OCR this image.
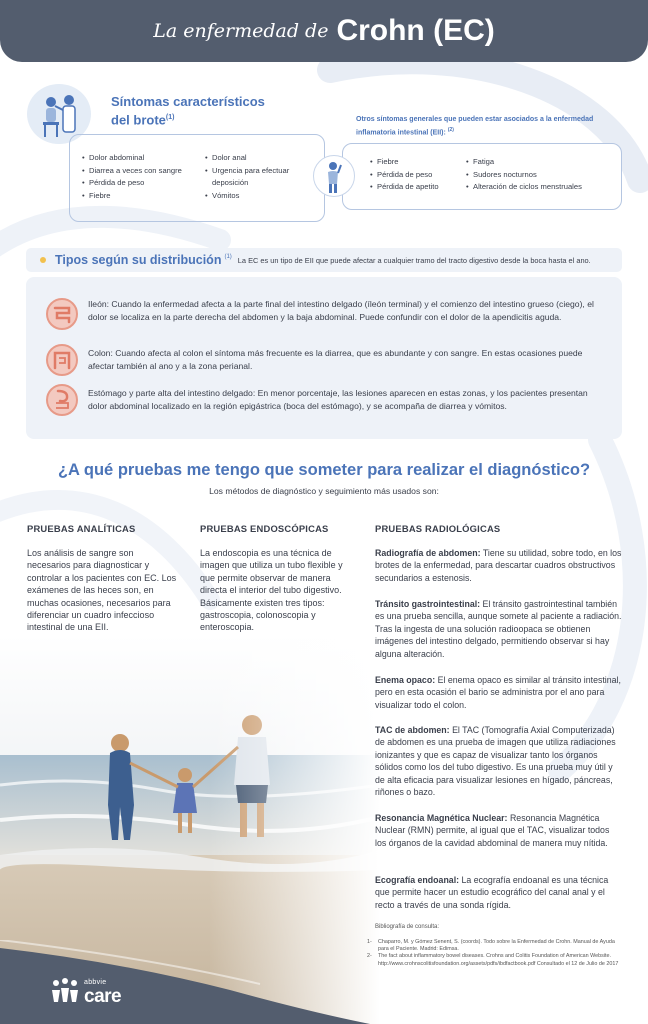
La enfermedad de Crohn (EC)
Síntomas característicos
del brote$^{(1)}$
• Dolor abdominal
• Diarrea a veces con sangre
• Pérdida de peso
• Fiebre
• Dolor anal
• Urgencia para efectuar deposición
• Vómitos
Otros síntomas generales que pueden estar asociados a la enfermedad inflamatoria intestinal (EII): $^{(2)}$
• Fiebre
• Pérdida de peso
• Pérdida de apetito
• Fatiga
• Sudores nocturnos
• Alteración de ciclos menstruales
Tipos según su distribución (1) La EC es un tipo de EII que puede afectar a cualquier tramo del tracto digestivo desde la boca hasta el ano.
Ileón: Cuando la enfermedad afecta a la parte final del intestino delgado (íleón terminal) y el comienzo del intestino grueso (ciego), el dolor se localiza en la parte derecha del abdomen y la baja abdominal. Puede confundir con el dolor de la apendicitis aguda.
Colon: Cuando afecta al colon el síntoma más frecuente es la diarrea, que es abundante y con sangre. En estas ocasiones puede afectar también al ano y a la zona perianal.
Estómago y parte alta del intestino delgado: En menor porcentaje, las lesiones aparecen en estas zonas, y los pacientes presentan dolor abdominal localizado en la región epigástrica (boca del estómago), y se acompaña de diarrea y vómitos.
¿A qué pruebas me tengo que someter para realizar el diagnóstico?
Los métodos de diagnóstico y seguimiento más usados son:
PRUEBAS ANALÍTICAS
Los análisis de sangre son necesarios para diagnosticar y controlar a los pacientes con EC. Los exámenes de las heces son, en muchas ocasiones, necesarios para diferenciar un cuadro infeccioso intestinal de una EII.
PRUEBAS ENDOSCÓPICAS
La endoscopia es una técnica de imagen que utiliza un tubo flexible y que permite observar de manera directa el interior del tubo digestivo. Básicamente existen tres tipos: gastroscopia, colonoscopia y enteroscopia.
PRUEBAS RADIOLÓGICAS
Radiografía de abdomen: Tiene su utilidad, sobre todo, en los brotes de la enfermedad, para descartar cuadros obstructivos secundarios a estenosis.
Tránsito gastrointestinal: El tránsito gastrointestinal también es una prueba sencilla, aunque somete al paciente a radiación. Tras la ingesta de una solución radioopaca se obtienen imágenes del intestino delgado, permitiendo observar si hay alguna alteración.
Enema opaco: El enema opaco es similar al tránsito intestinal, pero en esta ocasión el bario se administra por el ano para visualizar todo el colon.
TAC de abdomen: El TAC (Tomografía Axial Computerizada) de abdomen es una prueba de imagen que utiliza radiaciones ionizantes y que es capaz de visualizar tanto los órganos sólidos como los del tubo digestivo. Es una prueba muy útil y de alta eficacia para visualizar lesiones en hígado, páncreas, riñones o bazo.
Resonancia Magnética Nuclear: Resonancia Magnética Nuclear (RMN) permite, al igual que el TAC, visualizar todos los órganos de la cavidad abdominal de manera muy nítida.
Ecografía endoanal: La ecografía endoanal es una técnica que permite hacer un estudio ecográfico del canal anal y el recto a través de una sonda rígida.
Bibliografía de consulta:
1- Chaparro, M. y Gómez Senent, S. (coords). Todo sobre la Enfermedad de Crohn. Manual de Ayuda para el Paciente. Madrid: Edimsa.
2- The fact about inflammatory bowel diseases. Crohns and Colitis Foundation of American Website. http://www.crohnscolitisfoundation.org/assets/pdfs/ibdfactbook.pdf Consultado el 12 de Julio de 2017
abbvie
care
